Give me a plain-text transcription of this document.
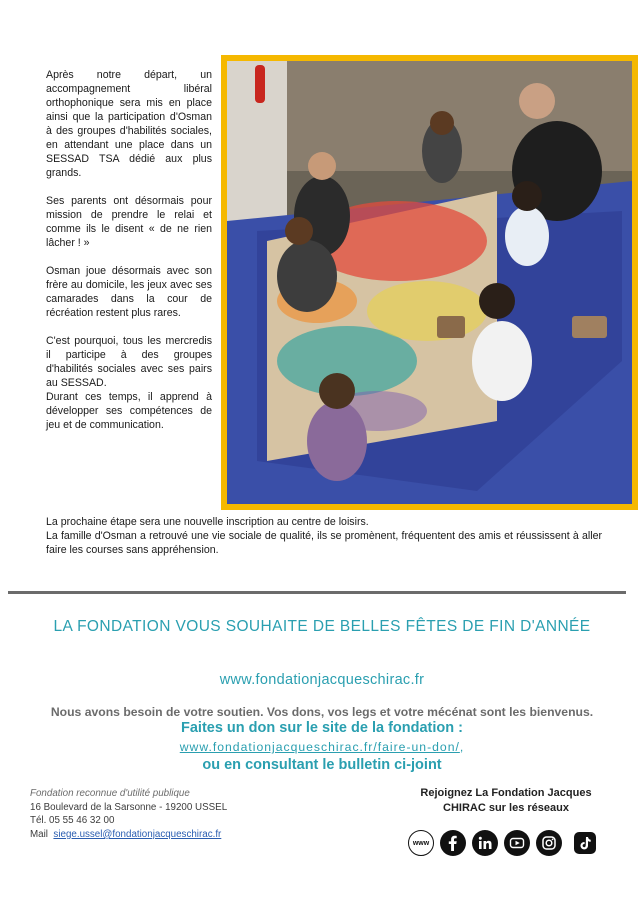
Après notre départ, un accompagnement libéral orthophonique sera mis en place ainsi que la participation d'Osman à des groupes d'habilités sociales, en attendant une place dans un SESSAD TSA dédié aux plus grands.

Ses parents ont désormais pour mission de prendre le relai et comme ils le disent « de ne rien lâcher ! »

Osman joue désormais avec son frère au domicile, les jeux avec ses camarades dans la cour de récréation restent plus rares.

C'est pourquoi, tous les mercredis il participe à des groupes d'habilités sociales avec ses pairs au SESSAD.

Durant ces temps, il apprend à développer ses compétences de jeu et de communication.

La prochaine étape sera une nouvelle inscription au centre de loisirs.
La famille d'Osman a retrouvé une vie sociale de qualité, ils se promènent, fréquentent des amis et réussissent à aller faire les courses sans appréhension.
LA FONDATION VOUS SOUHAITE DE BELLES FÊTES DE FIN D'ANNÉE
www.fondationjacqueschirac.fr
Nous avons besoin de votre soutien. Vos dons, vos legs et votre mécénat sont les bienvenus.
Faites un don sur le site de la fondation :
www.fondationjacqueschirac.fr/faire-un-don/,
ou en consultant le bulletin ci-joint
Fondation reconnue d'utilité publique
16 Boulevard de la Sarsonne - 19200 USSEL
Tél. 05 55 46 32 00
Mail siege.ussel@fondationjacqueschirac.fr
Rejoignez La Fondation Jacques
CHIRAC sur les réseaux
www
